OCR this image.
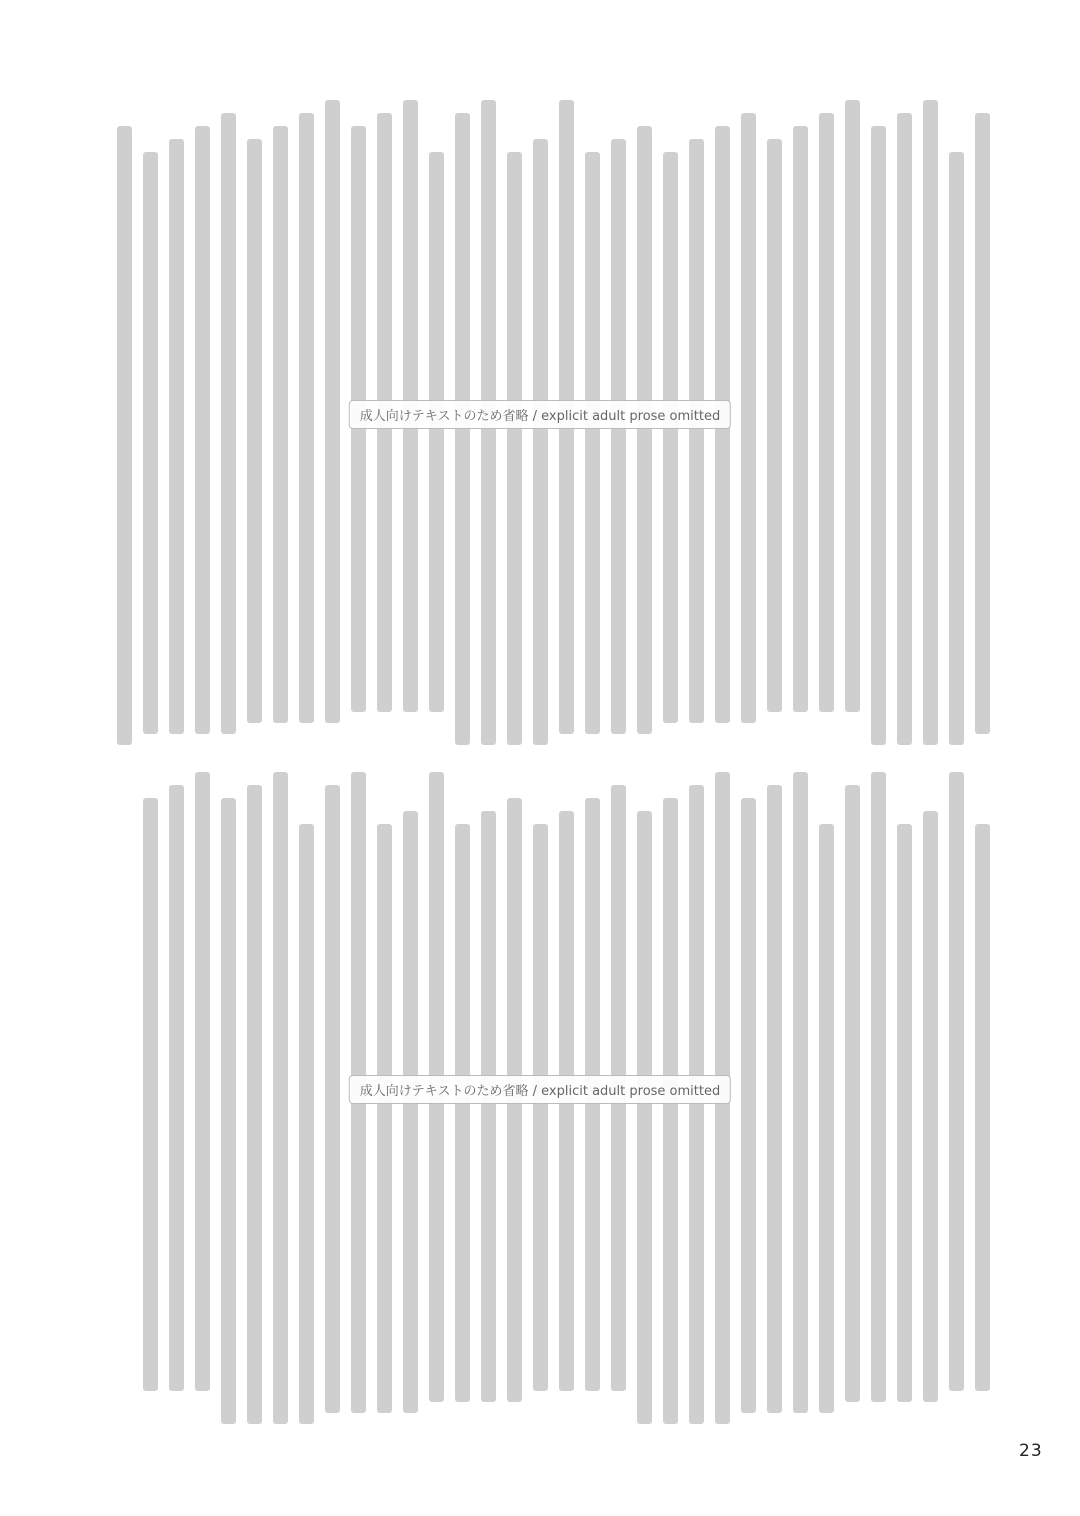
成人向けテキストのため省略 / explicit adult prose omitted
成人向けテキストのため省略 / explicit adult prose omitted
23
